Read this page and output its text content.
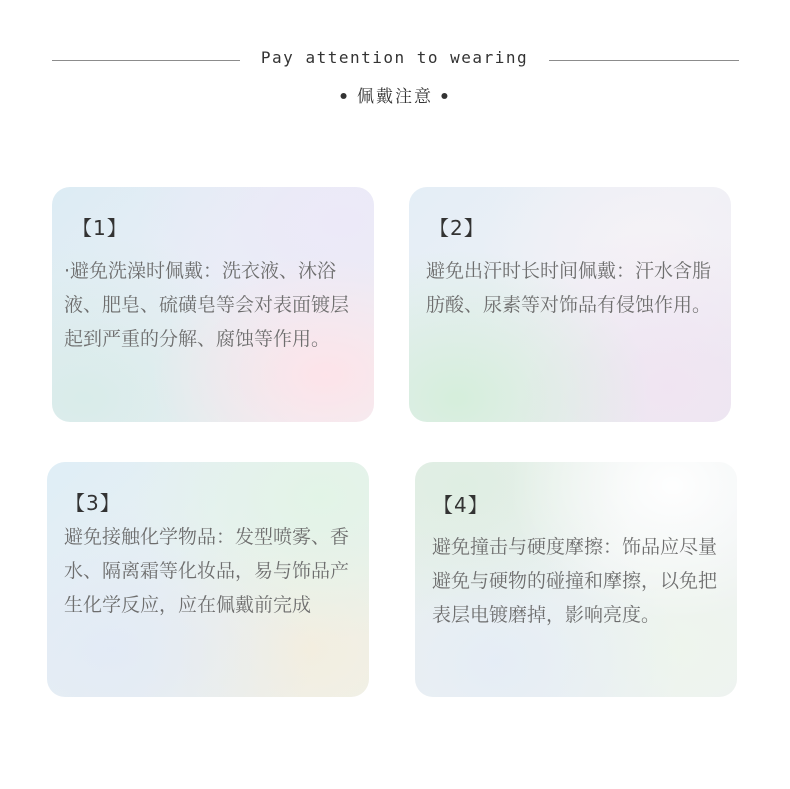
Pay attention to wearing
• 佩戴注意 •
【1】
·避免洗澡时佩戴：洗衣液、沐浴液、肥皂、硫磺皂等会对表面镀层起到严重的分解、腐蚀等作用。
【2】
避免出汗时长时间佩戴：汗水含脂肪酸、尿素等对饰品有侵蚀作用。
【3】
避免接触化学物品：发型喷雾、香水、隔离霜等化妆品，易与饰品产生化学反应，应在佩戴前完成
【4】
避免撞击与硬度摩擦：饰品应尽量避免与硬物的碰撞和摩擦，以免把表层电镀磨掉，影响亮度。
